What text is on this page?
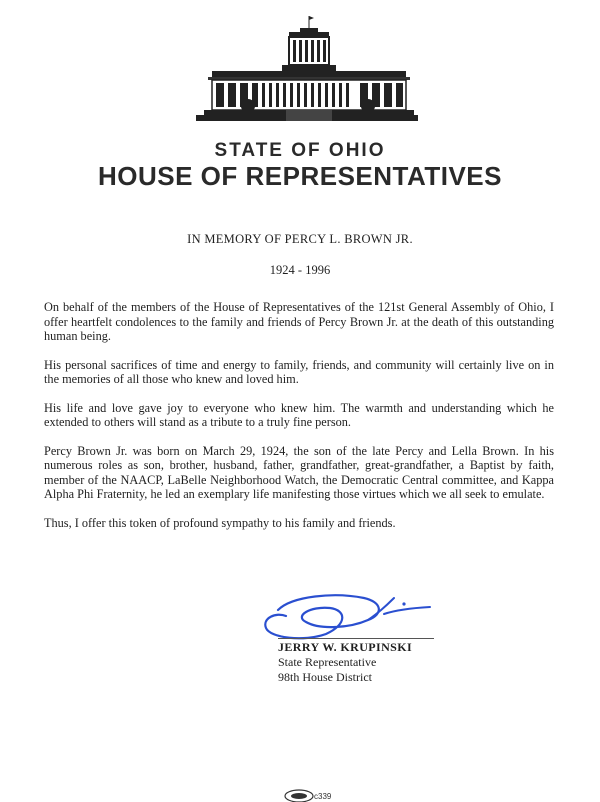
STATE OF OHIO
HOUSE OF REPRESENTATIVES
IN MEMORY OF PERCY L. BROWN JR.
1924 - 1996

On behalf of the members of the House of Representatives of the 121st General Assembly of Ohio, I offer heartfelt condolences to the family and friends of Percy Brown Jr. at the death of this outstanding human being.

His personal sacrifices of time and energy to family, friends, and community will certainly live on in the memories of all those who knew and loved him.

His life and love gave joy to everyone who knew him. The warmth and understanding which he extended to others will stand as a tribute to a truly fine person.

Percy Brown Jr. was born on March 29, 1924, the son of the late Percy and Lella Brown. In his numerous roles as son, brother, husband, father, grandfather, great-grandfather, a Baptist by faith, member of the NAACP, LaBelle Neighborhood Watch, the Democratic Central committee, and Kappa Alpha Phi Fraternity, he led an exemplary life manifesting those virtues which we all seek to emulate.

Thus, I offer this token of profound sympathy to his family and friends.

JERRY W. KRUPINSKI
State Representative
98th House District
c339
